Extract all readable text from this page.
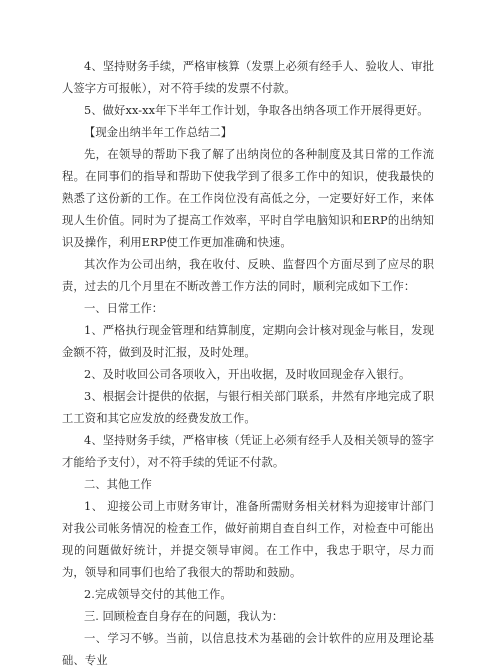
4、坚持财务手续，严格审核算（发票上必须有经手人、验收人、审批人签字方可报帐），对不符手续的发票不付款。

5、做好xx-xx年下半年工作计划，争取各出纳各项工作开展得更好。

【现金出纳半年工作总结二】

先，在领导的帮助下我了解了出纳岗位的各种制度及其日常的工作流程。在同事们的指导和帮助下使我学到了很多工作中的知识，使我最快的熟悉了这份新的工作。在工作岗位没有高低之分，一定要好好工作，来体现人生价值。同时为了提高工作效率，平时自学电脑知识和ERP的出纳知识及操作，利用ERP使工作更加准确和快速。

其次作为公司出纳，我在收付、反映、监督四个方面尽到了应尽的职责，过去的几个月里在不断改善工作方法的同时，顺利完成如下工作：

一、日常工作：

1、严格执行现金管理和结算制度，定期向会计核对现金与帐目，发现金额不符，做到及时汇报，及时处理。

2、及时收回公司各项收入，开出收据，及时收回现金存入银行。

3、根据会计提供的依据，与银行相关部门联系，井然有序地完成了职工工资和其它应发放的经费发放工作。

4、坚持财务手续，严格审核（凭证上必须有经手人及相关领导的签字才能给予支付），对不符手续的凭证不付款。

二、其他工作

1、 迎接公司上市财务审计，准备所需财务相关材料为迎接审计部门对我公司帐务情况的检查工作，做好前期自查自纠工作，对检查中可能出现的问题做好统计，并提交领导审阅。在工作中，我忠于职守，尽力而为，领导和同事们也给了我很大的帮助和鼓励。

2.完成领导交付的其他工作。

三. 回顾检查自身存在的问题，我认为：

一、学习不够。当前，以信息技术为基础的会计软件的应用及理论基础、专业
